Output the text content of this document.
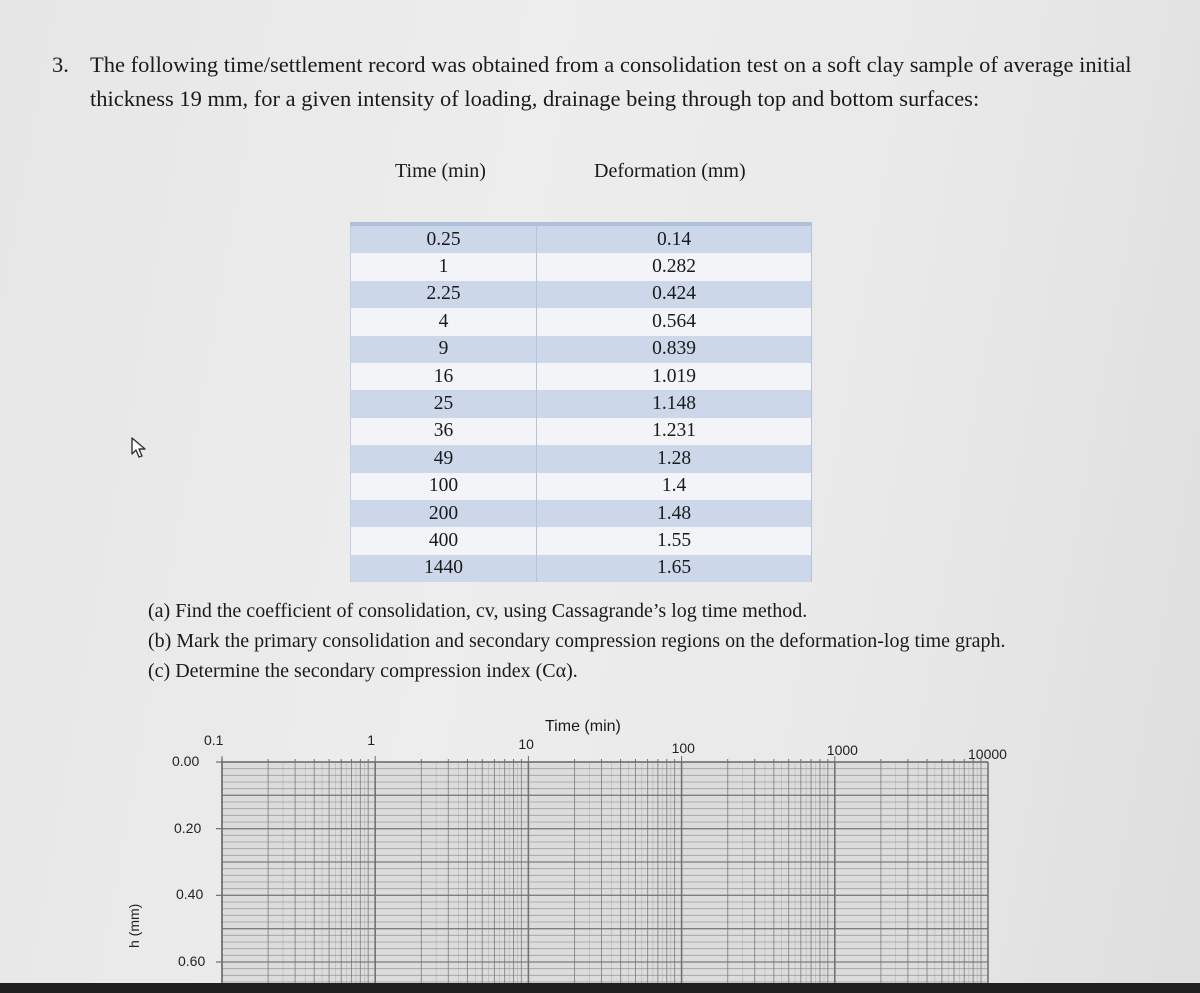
3. The following time/settlement record was obtained from a consolidation test on a soft clay sample of average initial
thickness 19 mm, for a given intensity of loading, drainage being through top and bottom surfaces:
Time (min)	Deformation (mm)
0.25	0.14
1	0.282
2.25	0.424
4	0.564
9	0.839
16	1.019
25	1.148
36	1.231
49	1.28
100	1.4
200	1.48
400	1.55
1440	1.65
(a) Find the coefficient of consolidation, cv, using Cassagrande’s log time method.
(b) Mark the primary consolidation and secondary compression regions on the deformation-log time graph.
(c) Determine the secondary compression index (Cα).
Time (min)
0.1	1	10	100	1000	10000
0.00
0.20
0.40
0.60
h (mm)
